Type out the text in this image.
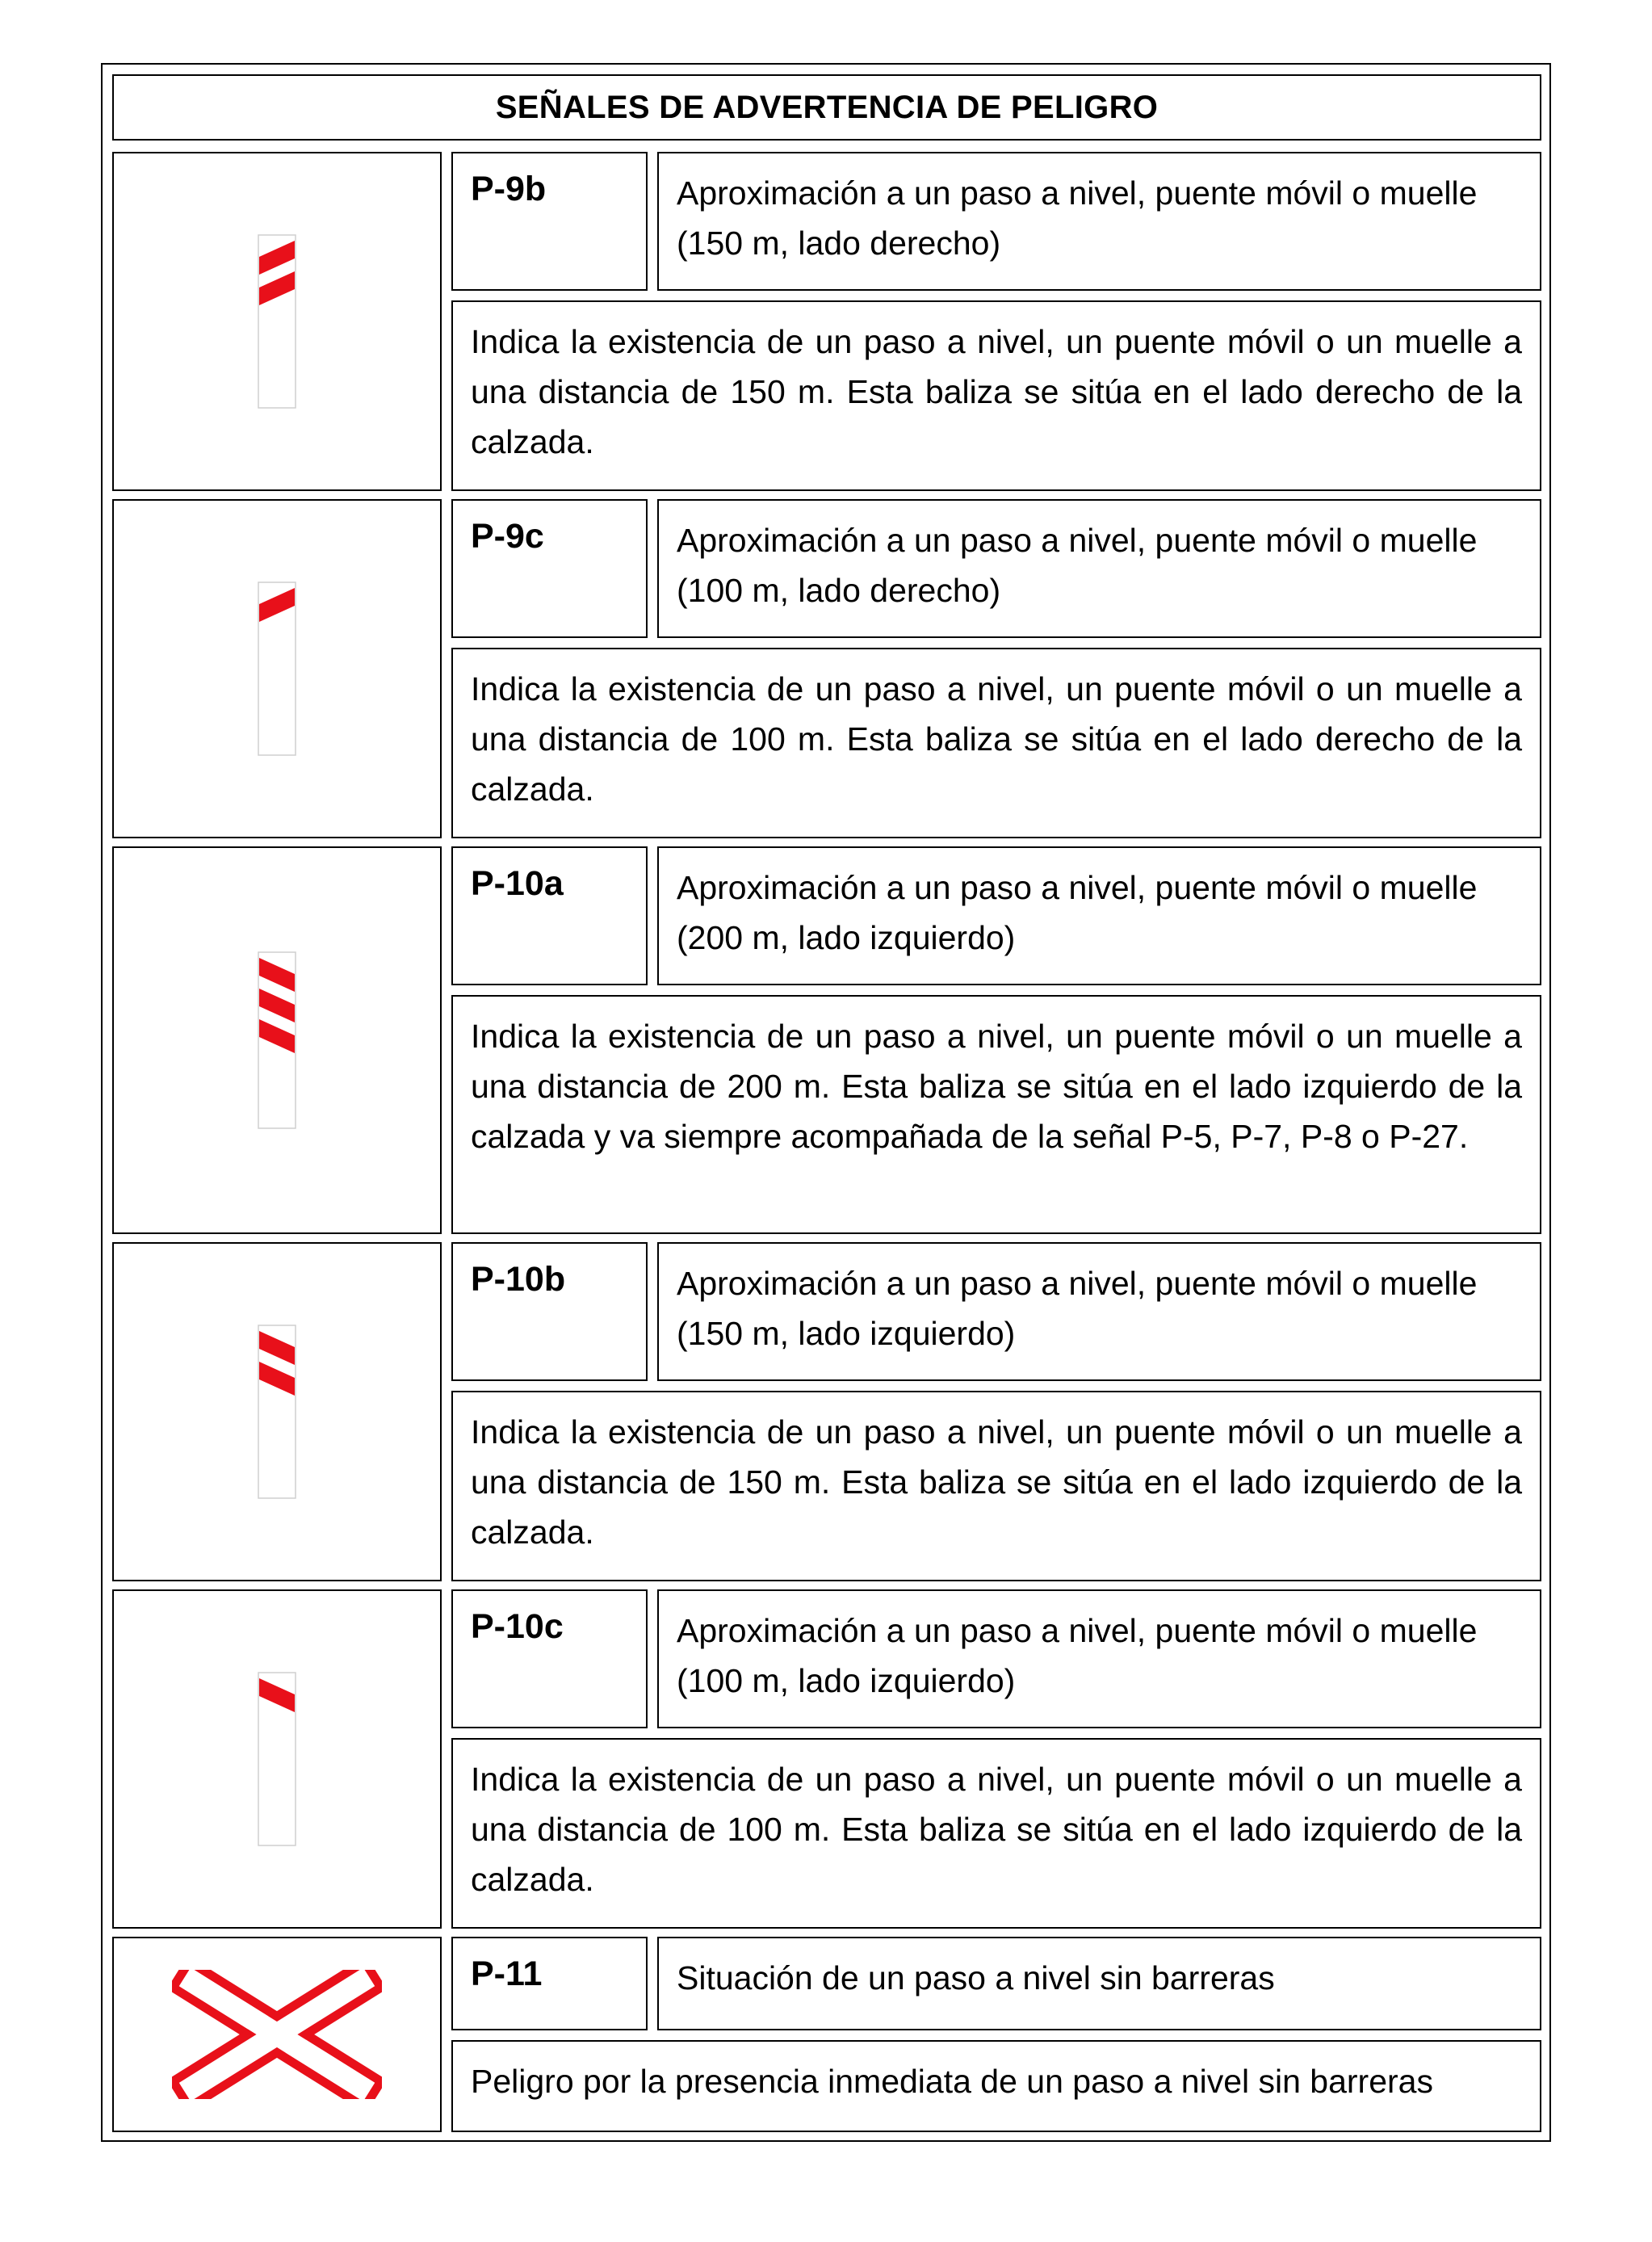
SEÑALES DE ADVERTENCIA DE PELIGRO
P-9b	Aproximación a un paso a nivel, puente móvil o muelle (150 m, lado derecho)
Indica la existencia de un paso a nivel, un puente móvil o un muelle a una distancia de 150 m. Esta baliza se sitúa en el lado derecho de la calzada.
P-9c	Aproximación a un paso a nivel, puente móvil o muelle (100 m, lado derecho)
Indica la existencia de un paso a nivel, un puente móvil o un muelle a una distancia de 100 m. Esta baliza se sitúa en el lado derecho de la calzada.
P-10a	Aproximación a un paso a nivel, puente móvil o muelle (200 m, lado izquierdo)
Indica la existencia de un paso a nivel, un puente móvil o un muelle a una distancia de 200 m. Esta baliza se sitúa en el lado izquierdo de la calzada y va siempre acompañada de la señal P-5, P-7, P-8 o P-27.
P-10b	Aproximación a un paso a nivel, puente móvil o muelle (150 m, lado izquierdo)
Indica la existencia de un paso a nivel, un puente móvil o un muelle a una distancia de 150 m. Esta baliza se sitúa en el lado izquierdo de la calzada.
P-10c	Aproximación a un paso a nivel, puente móvil o muelle (100 m, lado izquierdo)
Indica la existencia de un paso a nivel, un puente móvil o un muelle a una distancia de 100 m. Esta baliza se sitúa en el lado izquierdo de la calzada.
P-11	Situación de un paso a nivel sin barreras
Peligro por la presencia inmediata de un paso a nivel sin barreras
